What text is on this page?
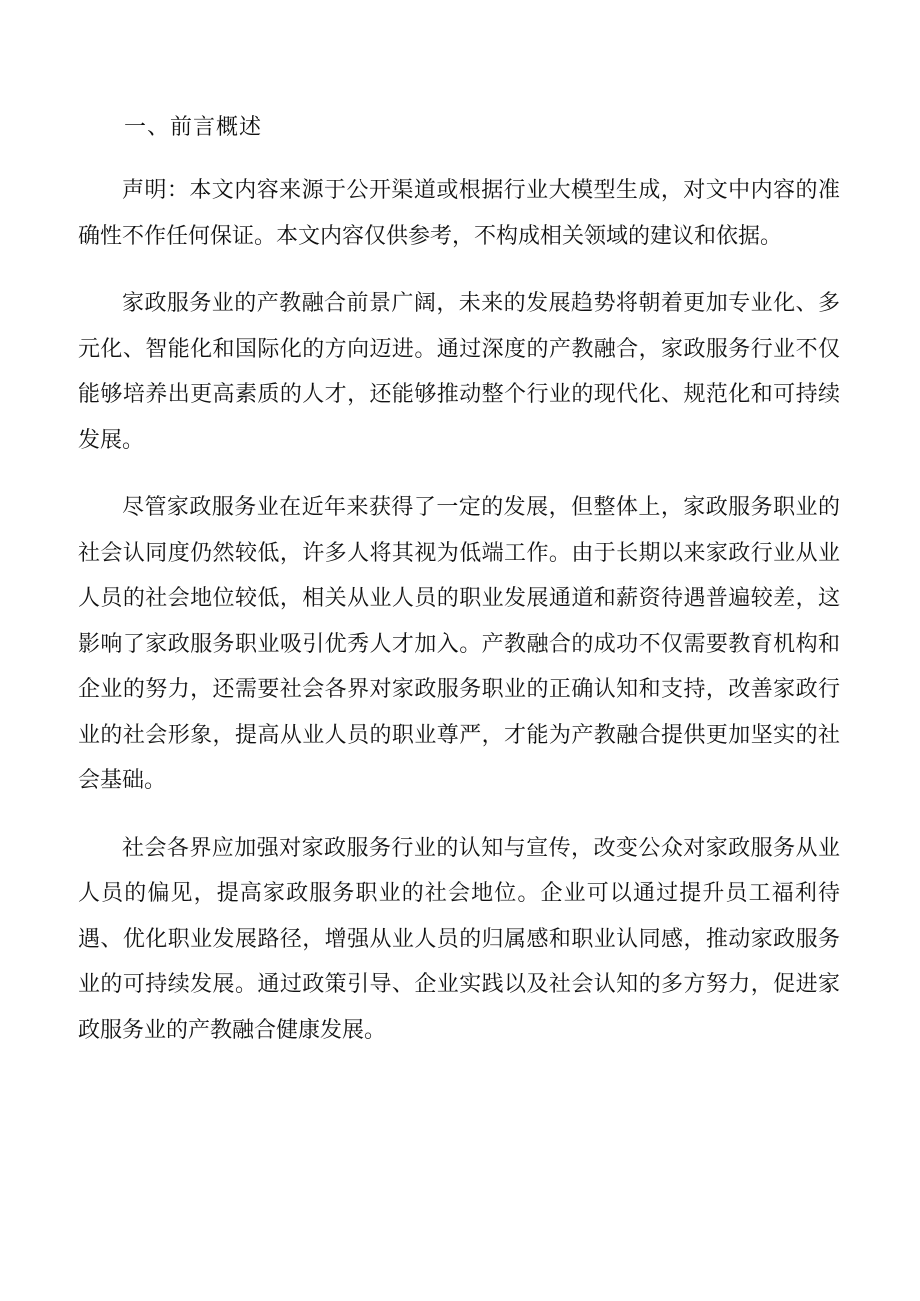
一、前言概述

声明：本文内容来源于公开渠道或根据行业大模型生成，对文中内容的准确性不作任何保证。本文内容仅供参考，不构成相关领域的建议和依据。

家政服务业的产教融合前景广阔，未来的发展趋势将朝着更加专业化、多元化、智能化和国际化的方向迈进。通过深度的产教融合，家政服务行业不仅能够培养出更高素质的人才，还能够推动整个行业的现代化、规范化和可持续发展。

尽管家政服务业在近年来获得了一定的发展，但整体上，家政服务职业的社会认同度仍然较低，许多人将其视为低端工作。由于长期以来家政行业从业人员的社会地位较低，相关从业人员的职业发展通道和薪资待遇普遍较差，这影响了家政服务职业吸引优秀人才加入。产教融合的成功不仅需要教育机构和企业的努力，还需要社会各界对家政服务职业的正确认知和支持，改善家政行业的社会形象，提高从业人员的职业尊严，才能为产教融合提供更加坚实的社会基础。

社会各界应加强对家政服务行业的认知与宣传，改变公众对家政服务从业人员的偏见，提高家政服务职业的社会地位。企业可以通过提升员工福利待遇、优化职业发展路径，增强从业人员的归属感和职业认同感，推动家政服务业的可持续发展。通过政策引导、企业实践以及社会认知的多方努力，促进家政服务业的产教融合健康发展。
